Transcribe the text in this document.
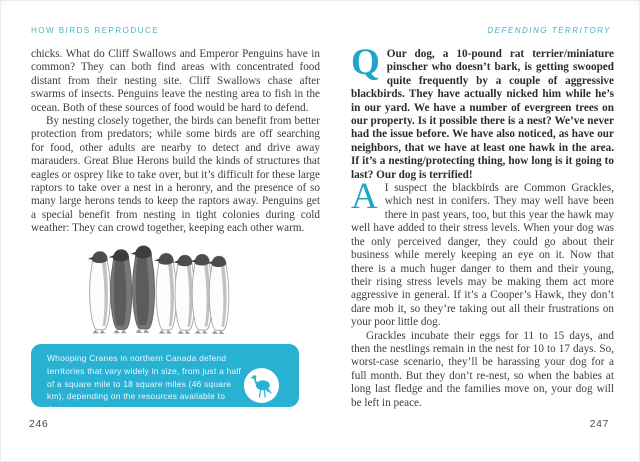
HOW BIRDS REPRODUCE

chicks. What do Cliff Swallows and Emperor Penguins have in common? They can both find areas with concentrated food distant from their nesting site. Cliff Swallows chase after swarms of insects. Penguins leave the nesting area to fish in the ocean. Both of these sources of food would be hard to defend.

By nesting closely together, the birds can benefit from better protection from predators; while some birds are off searching for food, other adults are nearby to detect and drive away marauders. Great Blue Herons build the kinds of structures that eagles or osprey like to take over, but it’s difficult for these large raptors to take over a nest in a heronry, and the presence of so many large herons tends to keep the raptors away. Penguins get a special benefit from nesting in tight colonies during cold weather: They can crowd together, keeping each other warm.

Whooping Cranes in northern Canada defend territories that vary widely in size, from just a half of a square mile to 18 square miles (46 square km), depending on the resources available to them.
246
DEFENDING TERRITORY

Q Our dog, a 10-pound rat terrier/miniature pinscher who doesn’t bark, is getting swooped quite frequently by a couple of aggressive blackbirds. They have actually nicked him while he’s in our yard. We have a number of evergreen trees on our property. Is it possible there is a nest? We’ve never had the issue before. We have also noticed, as have our neighbors, that we have at least one hawk in the area. If it’s a nesting/protecting thing, how long is it going to last? Our dog is terrified!

A I suspect the blackbirds are Common Grackles, which nest in conifers. They may well have been there in past years, too, but this year the hawk may well have added to their stress levels. When your dog was the only perceived danger, they could go about their business while merely keeping an eye on it. Now that there is a much huger danger to them and their young, their rising stress levels may be making them act more aggressive in general. If it’s a Cooper’s Hawk, they don’t dare mob it, so they’re taking out all their frustrations on your poor little dog.

Grackles incubate their eggs for 11 to 15 days, and then the nestlings remain in the nest for 10 to 17 days. So, worst-case scenario, they’ll be harassing your dog for a full month. But they don’t re-nest, so when the babies at long last fledge and the families move on, your dog will be left in peace.

247
